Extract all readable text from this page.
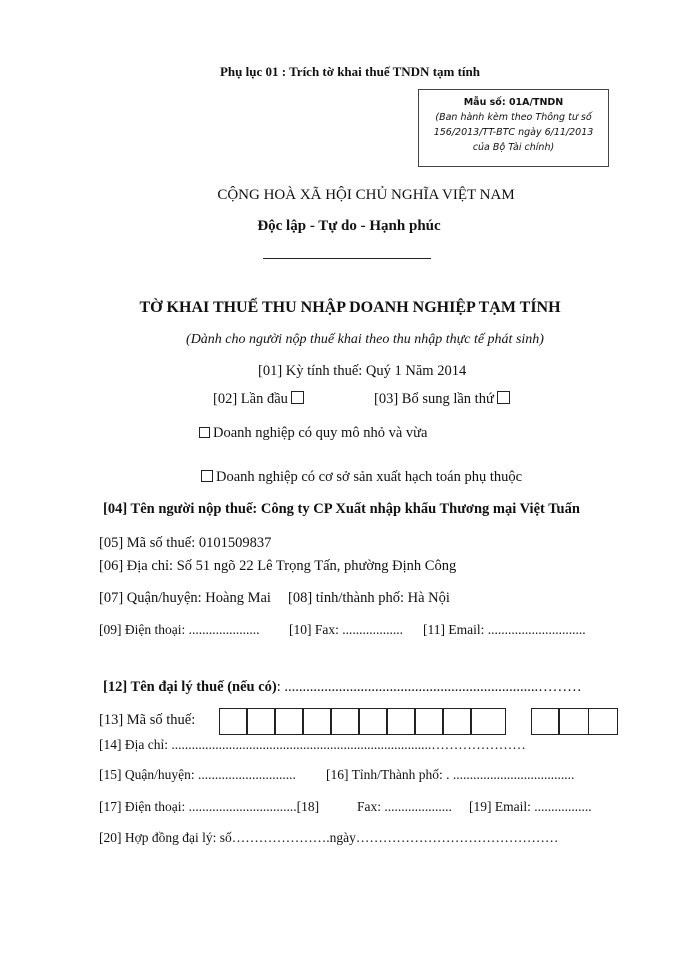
Phụ lục 01 : Trích tờ khai thuế TNDN tạm tính
Mẫu số: 01A/TNDN
(Ban hành kèm theo Thông tư số
156/2013/TT-BTC ngày 6/11/2013
của Bộ Tài chính)
CỘNG HOÀ XÃ HỘI CHỦ NGHĨA VIỆT NAM
Độc lập - Tự do - Hạnh phúc
TỜ KHAI THUẾ THU NHẬP DOANH NGHIỆP TẠM TÍNH
(Dành cho người nộp thuế khai theo thu nhập thực tế phát sinh)
[01] Kỳ tính thuế: Quý 1 Năm 2014
[02] Lần đầu	[03] Bổ sung lần thứ
Doanh nghiệp có quy mô nhỏ và vừa
Doanh nghiệp có cơ sở sản xuất hạch toán phụ thuộc
[04] Tên người nộp thuế: Công ty CP Xuất nhập khẩu Thương mại Việt Tuấn
[05] Mã số thuế: 0101509837
[06] Địa chỉ: Số 51 ngõ 22 Lê Trọng Tấn, phường Định Công
[07] Quận/huyện: Hoàng Mai [08] tỉnh/thành phố: Hà Nội
[09] Điện thoại: ..................... [10] Fax: .................. [11] Email: .............................
[12] Tên đại lý thuế (nếu có): ......................................................................………
[13] Mã số thuế:
[14] Địa chỉ: .............................................................................…………………
[15] Quận/huyện: ............................. [16] Tỉnh/Thành phố: . ....................................
[17] Điện thoại: ................................[18]	Fax: .................... [19] Email: .................
[20] Hợp đồng đại lý: số………………….ngày………………………………………
